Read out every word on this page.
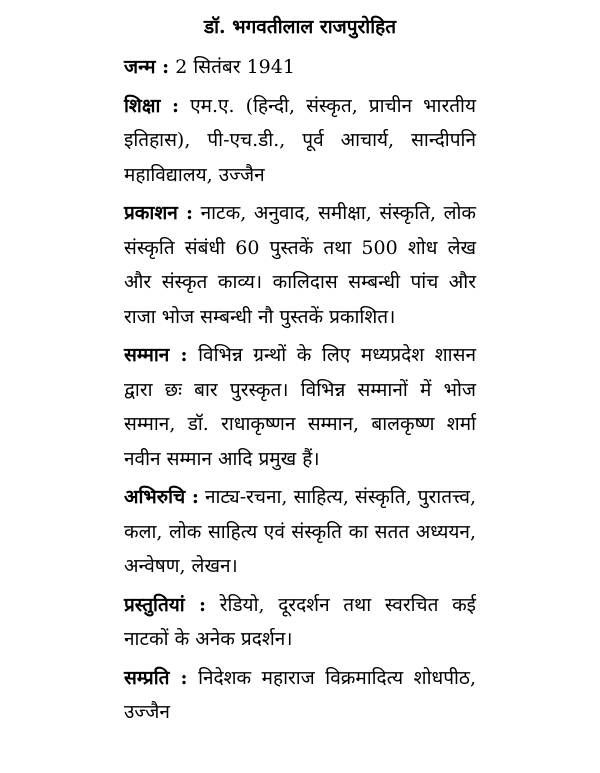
डॉ. भगवतीलाल राजपुरोहित

जन्म : 2 सितंबर 1941

शिक्षा : एम.ए. (हिन्दी, संस्कृत, प्राचीन भारतीय इतिहास), पी-एच.डी., पूर्व आचार्य, सान्दीपनि महाविद्यालय, उज्जैन

प्रकाशन : नाटक, अनुवाद, समीक्षा, संस्कृति, लोक संस्कृति संबंधी 60 पुस्तकें तथा 500 शोध लेख और संस्कृत काव्य। कालिदास सम्बन्धी पांच और राजा भोज सम्बन्धी नौ पुस्तकें प्रकाशित।

सम्मान : विभिन्न ग्रन्थों के लिए मध्यप्रदेश शासन द्वारा छः बार पुरस्कृत। विभिन्न सम्मानों में भोज सम्मान, डॉ. राधाकृष्णन सम्मान, बालकृष्ण शर्मा नवीन सम्मान आदि प्रमुख हैं।

अभिरुचि : नाट्य-रचना, साहित्य, संस्कृति, पुरातत्त्व, कला, लोक साहित्य एवं संस्कृति का सतत अध्ययन, अन्वेषण, लेखन।

प्रस्तुतियां : रेडियो, दूरदर्शन तथा स्वरचित कई नाटकों के अनेक प्रदर्शन।

सम्प्रति : निदेशक महाराज विक्रमादित्य शोधपीठ, उज्जैन
